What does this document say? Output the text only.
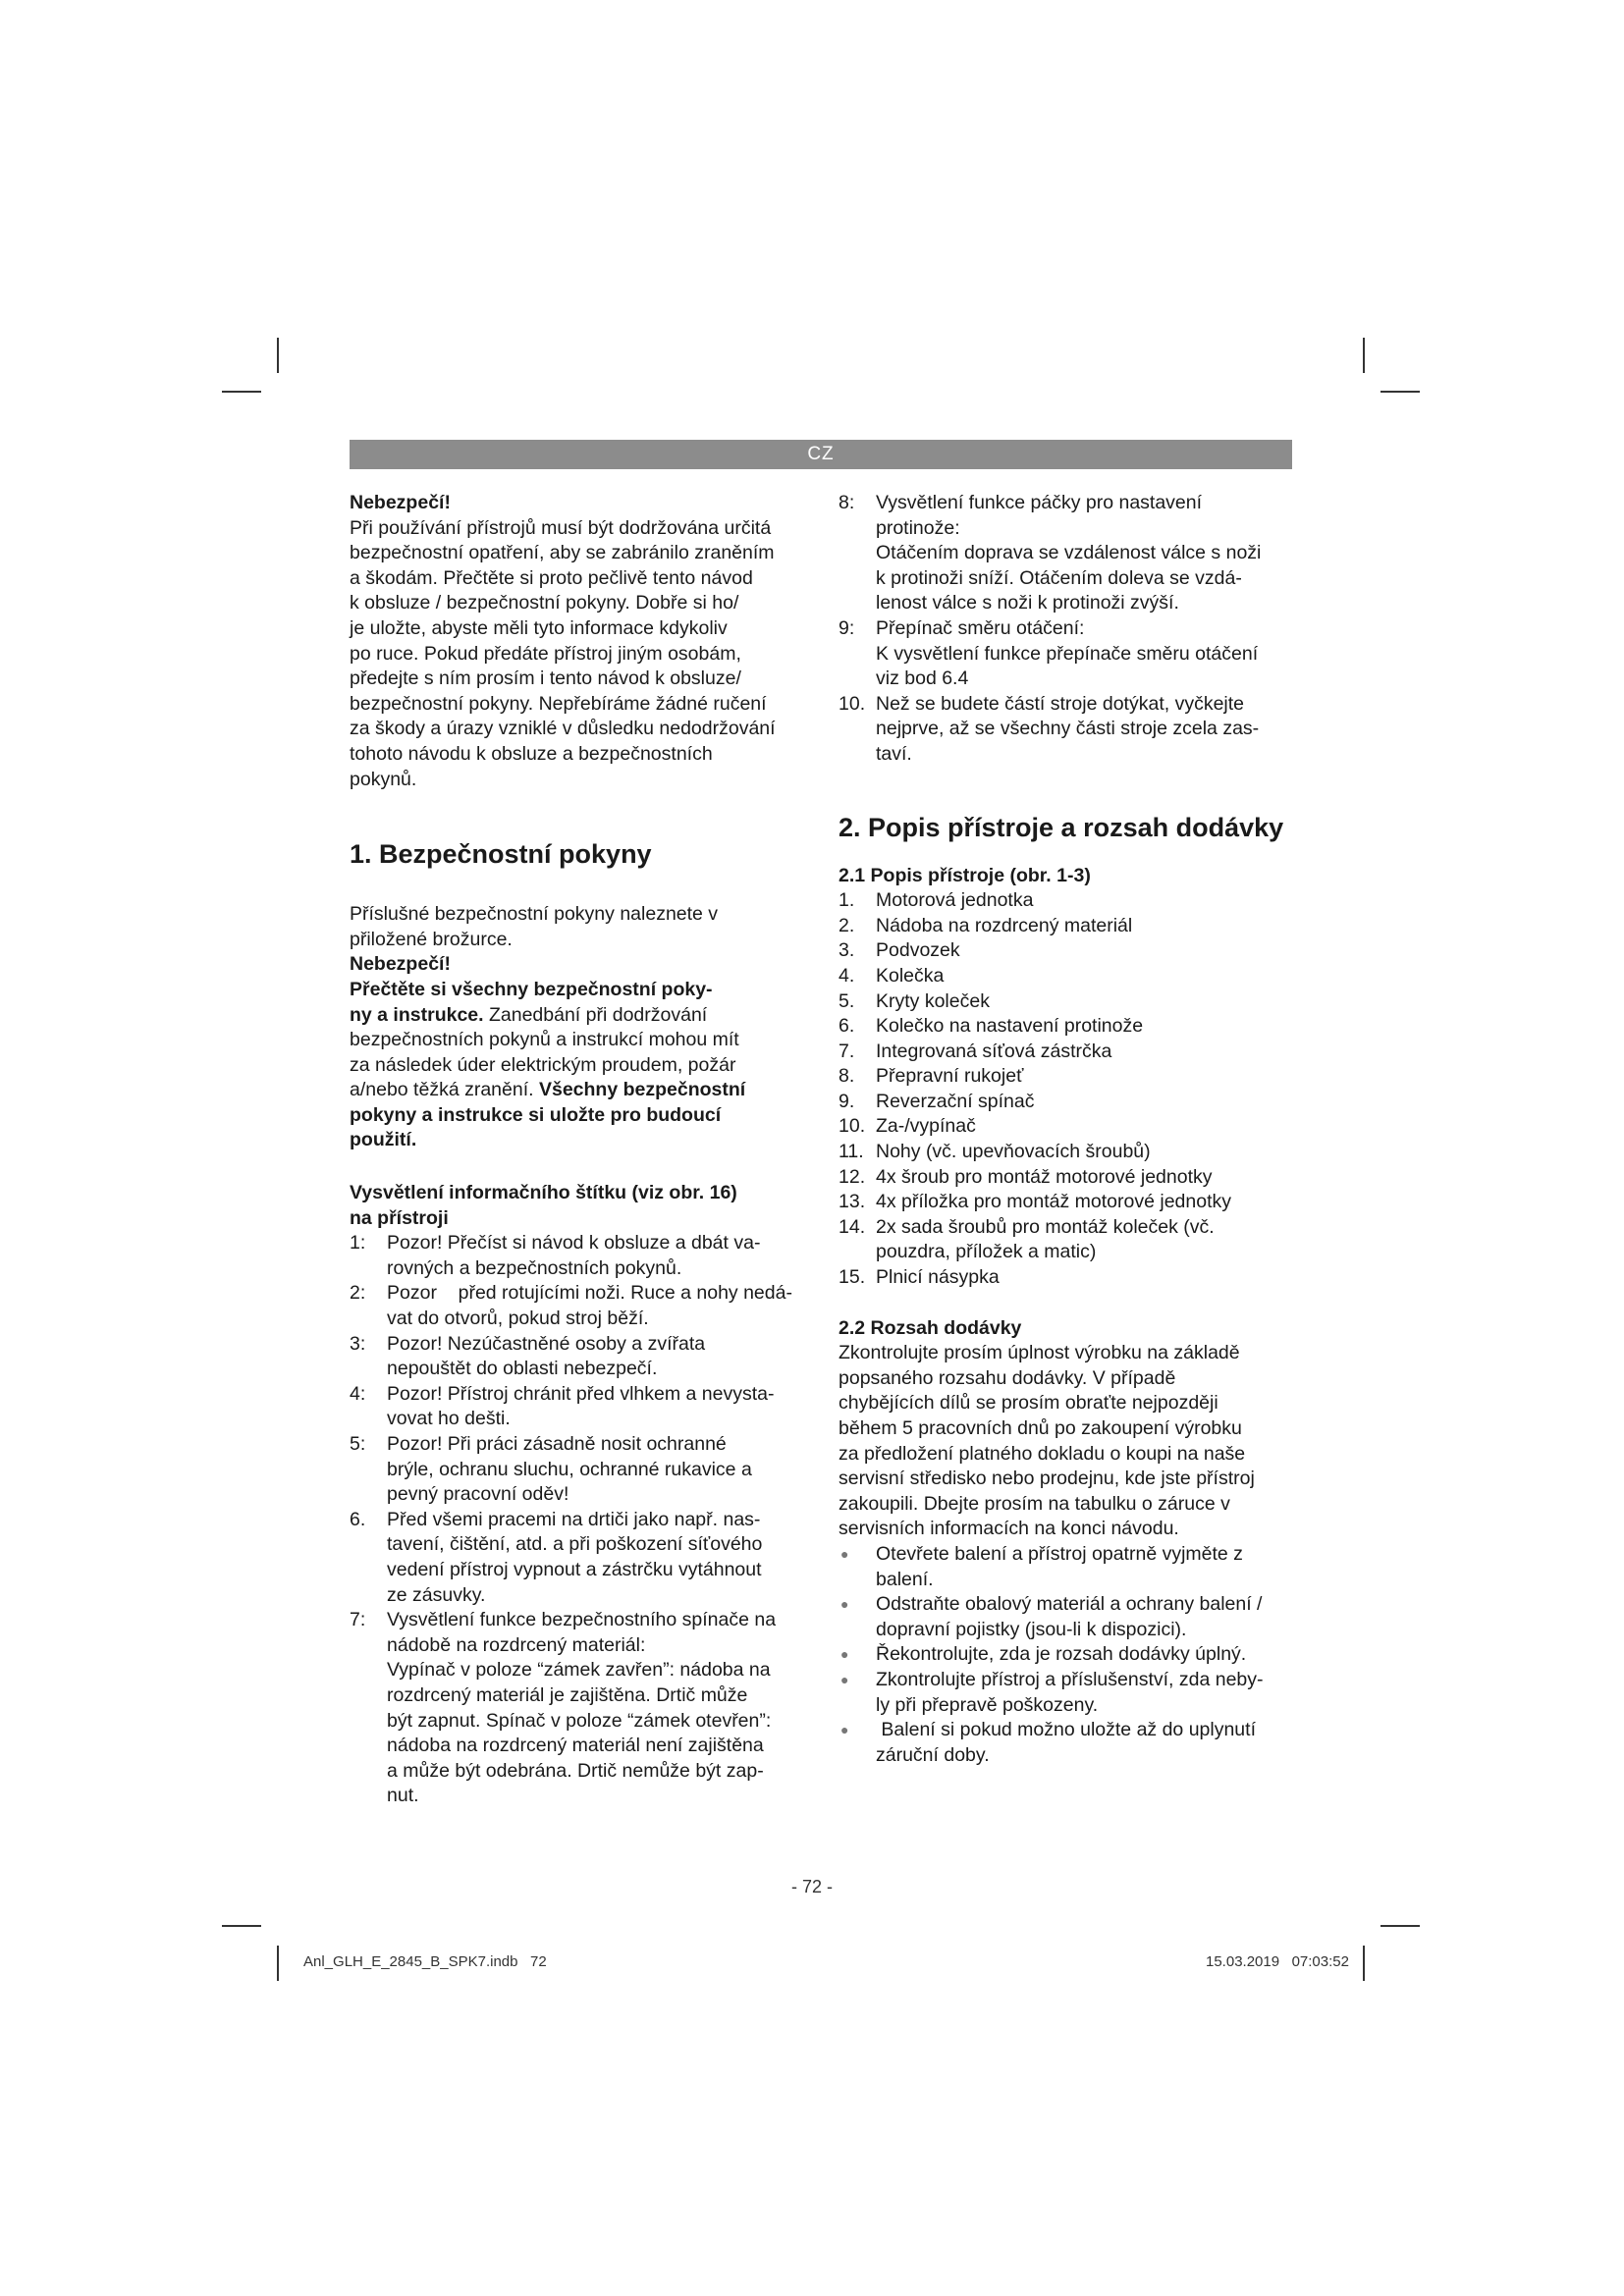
CZ
Nebezpečí!
Při používání přístrojů musí být dodržována určitá
bezpečnostní opatření, aby se zabránilo zraněním
a škodám. Přečtěte si proto pečlivě tento návod
k obsluze / bezpečnostní pokyny. Dobře si ho/
je uložte, abyste měli tyto informace kdykoliv
po ruce. Pokud předáte přístroj jiným osobám,
předejte s ním prosím i tento návod k obsluze/
bezpečnostní pokyny. Nepřebíráme žádné ručení
za škody a úrazy vzniklé v důsledku nedodržování
tohoto návodu k obsluze a bezpečnostních
pokynů.
1. Bezpečnostní pokyny
Příslušné bezpečnostní pokyny naleznete v
přiložené brožurce.
Nebezpečí!
Přečtěte si všechny bezpečnostní poky-
ny a instrukce. Zanedbání při dodržování
bezpečnostních pokynů a instrukcí mohou mít
za následek úder elektrickým proudem, požár
a/nebo těžká zranění. Všechny bezpečnostní
pokyny a instrukce si uložte pro budoucí
použití.
Vysvětlení informačního štítku (viz obr. 16)
na přístroji
1:	Pozor! Přečíst si návod k obsluze a dbát va-
rovných a bezpečnostních pokynů.
2:	Pozor    před rotujícími noži. Ruce a nohy nedá-
vat do otvorů, pokud stroj běží.
3:	Pozor! Nezúčastněné osoby a zvířata
nepouštět do oblasti nebezpečí.
4:	Pozor! Přístroj chránit před vlhkem a nevysta-
vovat ho dešti.
5:	Pozor! Při práci zásadně nosit ochranné
brýle, ochranu sluchu, ochranné rukavice a
pevný pracovní oděv!
6.	Před všemi pracemi na drtiči jako např. nas-
tavení, čištění, atd. a při poškození síťového
vedení přístroj vypnout a zástrčku vytáhnout
ze zásuvky.
7:	Vysvětlení funkce bezpečnostního spínače na
nádobě na rozdrcený materiál:
Vypínač v poloze “zámek zavřen”: nádoba na
rozdrcený materiál je zajištěna. Drtič může
být zapnut. Spínač v poloze “zámek otevřen”:
nádoba na rozdrcený materiál není zajištěna
a může být odebrána. Drtič nemůže být zap-
nut.
8:	Vysvětlení funkce páčky pro nastavení
protinože:
Otáčením doprava se vzdálenost válce s noži
k protinoži sníží. Otáčením doleva se vzdá-
lenost válce s noži k protinoži zvýší.
9:	Přepínač směru otáčení:
K vysvětlení funkce přepínače směru otáčení
viz bod 6.4
10. Než se budete částí stroje dotýkat, vyčkejte
nejprve, až se všechny části stroje zcela zas-
taví.
2. Popis přístroje a rozsah dodávky
2.1 Popis přístroje (obr. 1-3)
1.	Motorová jednotka
2.	Nádoba na rozdrcený materiál
3.	Podvozek
4.	Kolečka
5.	Kryty koleček
6.	Kolečko na nastavení protinože
7.	Integrovaná síťová zástrčka
8.	Přepravní rukojeť
9.	Reverzační spínač
10. Za-/vypínač
11. Nohy (vč. upevňovacích šroubů)
12. 4x šroub pro montáž motorové jednotky
13. 4x příložka pro montáž motorové jednotky
14. 2x sada šroubů pro montáž koleček (vč.
pouzdra, příložek a matic)
15. Plnicí násypka
2.2 Rozsah dodávky
Zkontrolujte prosím úplnost výrobku na základě
popsaného rozsahu dodávky. V případě
chybějících dílů se prosím obraťte nejpozději
během 5 pracovních dnů po zakoupení výrobku
za předložení platného dokladu o koupi na naše
servisní středisko nebo prodejnu, kde jste přístroj
zakoupili. Dbejte prosím na tabulku o záruce v
servisních informacích na konci návodu.
●	Otevřete balení a přístroj opatrně vyjměte z
balení.
●	Odstraňte obalový materiál a ochrany balení /
dopravní pojistky (jsou-li k dispozici).
●	Řekontrolujte, zda je rozsah dodávky úplný.
●	Zkontrolujte přístroj a příslušenství, zda neby-
ly při přepravě poškozeny.
●	Balení si pokud možno uložte až do uplynutí
záruční doby.
- 72 -
Anl_GLH_E_2845_B_SPK7.indb   72	15.03.2019   07:03:52
